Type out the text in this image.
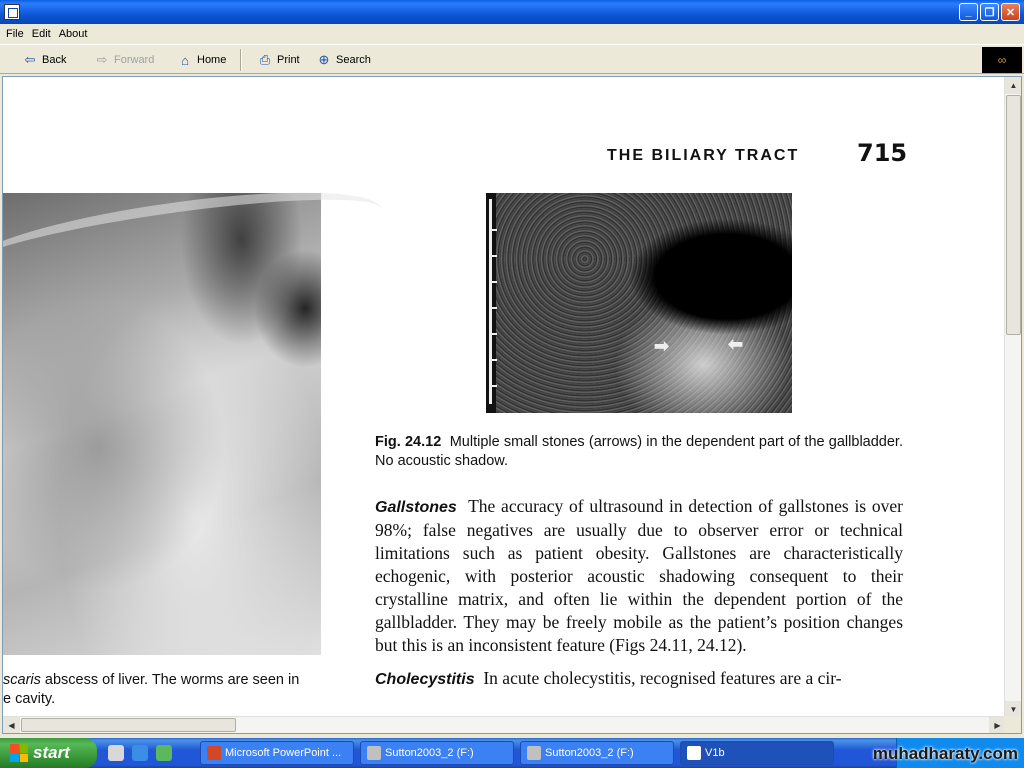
_	❐	✕
File Edit About
⇦ Back ⇨ Forward	⌂ Home	⎙ Print ⊕ Search	∞
THE BILIARY TRACT 715
scaris abscess of liver. The worms are seen in
e cavity.
➡	⬅
Fig. 24.12 Multiple small stones (arrows) in the dependent part of the gallbladder. No acoustic shadow.

Gallstones The accuracy of ultrasound in detection of gallstones is over 98%; false negatives are usually due to observer error or technical limitations such as patient obesity. Gallstones are characteristically echogenic, with posterior acoustic shadowing consequent to their crystalline matrix, and often lie within the dependent portion of the gallbladder. They may be freely mobile as the patient’s position changes but this is an inconsistent feature (Figs 24.11, 24.12).

Cholecystitis In acute cholecystitis, recognised features are a cir-

▲
▼
◀	▶
start	Microsoft PowerPoint ...	Sutton2003_2 (F:)	Sutton2003_2 (F:)	V1b	muhadharaty.com
